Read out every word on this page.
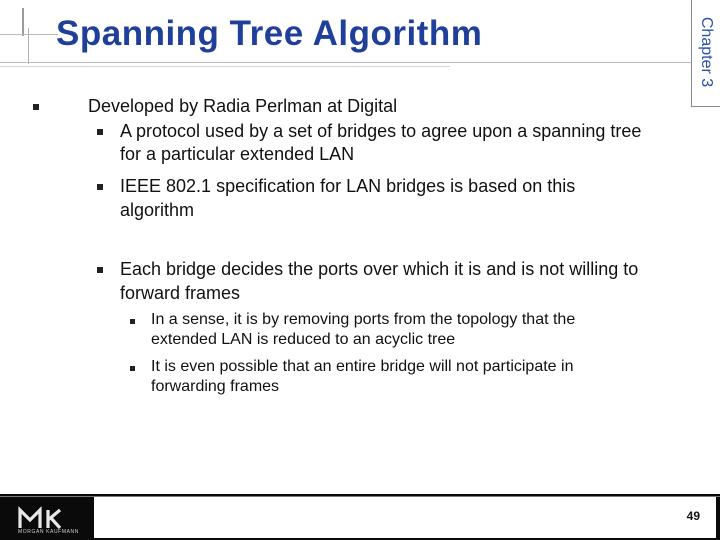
Spanning Tree Algorithm	Chapter 3
Developed by Radia Perlman at Digital
A protocol used by a set of bridges to agree upon a spanning tree
for a particular extended LAN
IEEE 802.1 specification for LAN bridges is based on this
algorithm
Each bridge decides the ports over which it is and is not willing to
forward frames
In a sense, it is by removing ports from the topology that the
extended LAN is reduced to an acyclic tree
It is even possible that an entire bridge will not participate in
forwarding frames
49
MORGAN KAUFMANN
